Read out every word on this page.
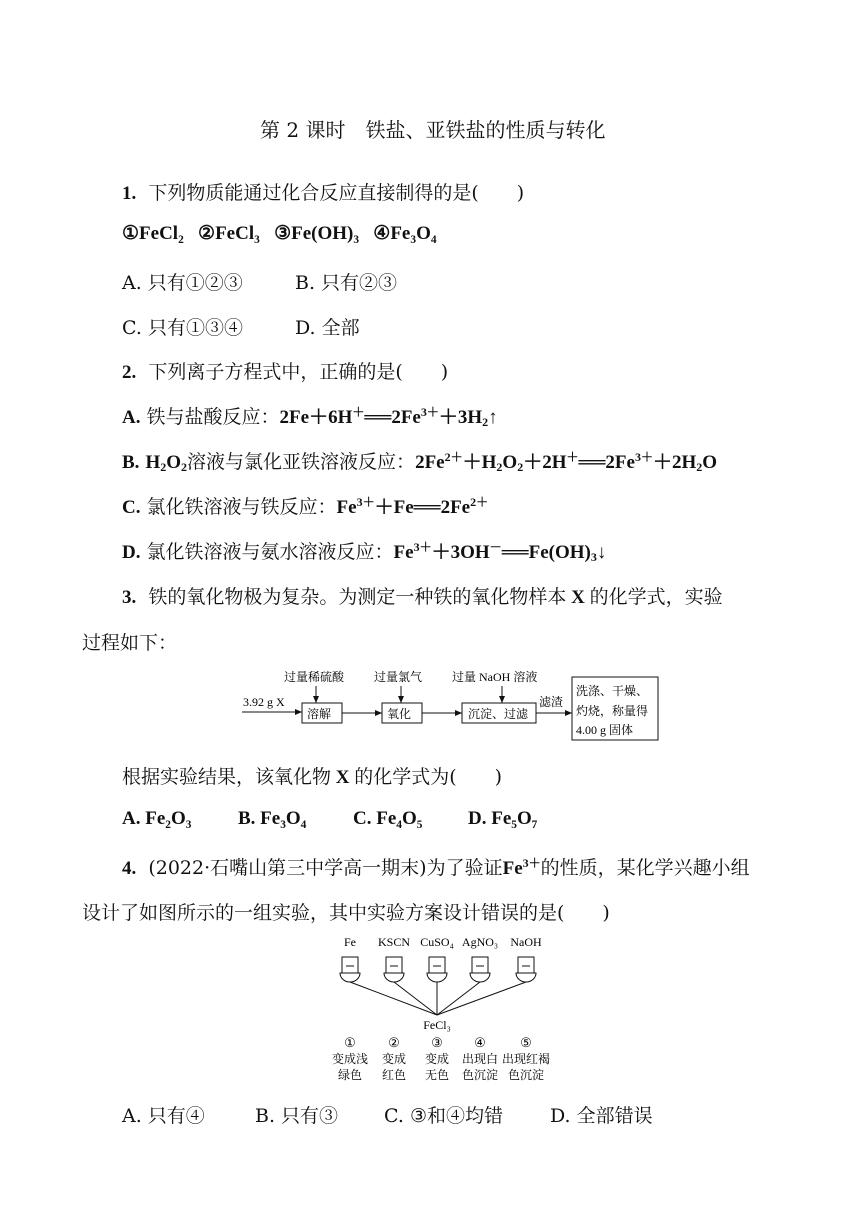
第 2 课时　 铁盐、亚铁盐的性质与转化
1. 下列物质能通过化合反应直接制得的是(　　)
①FeCl₂ ②FeCl₃ ③Fe(OH)₃ ④Fe₃O₄
A. 只有①②③	B. 只有②③
C. 只有①③④	D. 全部
2. 下列离子方程式中，正确的是(　　)
A. 铁与盐酸反应：$2Fe+6H^+══2Fe^{3+}+3H_2↑$
B. $H_2O_2$溶液与氯化亚铁溶液反应：$2Fe^{2+}+H_2O_2+2H^+══2Fe^{3+}+2H_2O$
C. 氯化铁溶液与铁反应：$Fe^{3+}+Fe══2Fe^{2+}$
D. 氯化铁溶液与氨水溶液反应：$Fe^{3+}+3OH^-══Fe(OH)_3↓$
3. 铁的氧化物极为复杂。为测定一种铁的氧化物样本 X 的化学式，实验
过程如下：
3.92 g X
过量稀硫酸
溶解
过量氯气
氧化
过量 NaOH 溶液
沉淀、过滤
滤渣
洗涤、干燥、
灼烧，称量得
4.00 g 固体
根据实验结果，该氧化物 X 的化学式为(　　)
A. Fe₂O₃ B. Fe₃O₄ C. Fe₄O₅ D. Fe₅O₇
4. (2022·石嘴山第三中学高一期末)为了验证$Fe^{3+}$的性质，某化学兴趣小组
设计了如图所示的一组实验，其中实验方案设计错误的是(　　)
Fe KSCN CuSO₄ AgNO₃ NaOH
FeCl₃
① ② ③ ④	⑤
变成浅 变成 变成 出现白 出现红褐
绿色 红色 无色 色沉淀 色沉淀
A. 只有④	B. 只有③ C. ③和④均错 D. 全部错误
